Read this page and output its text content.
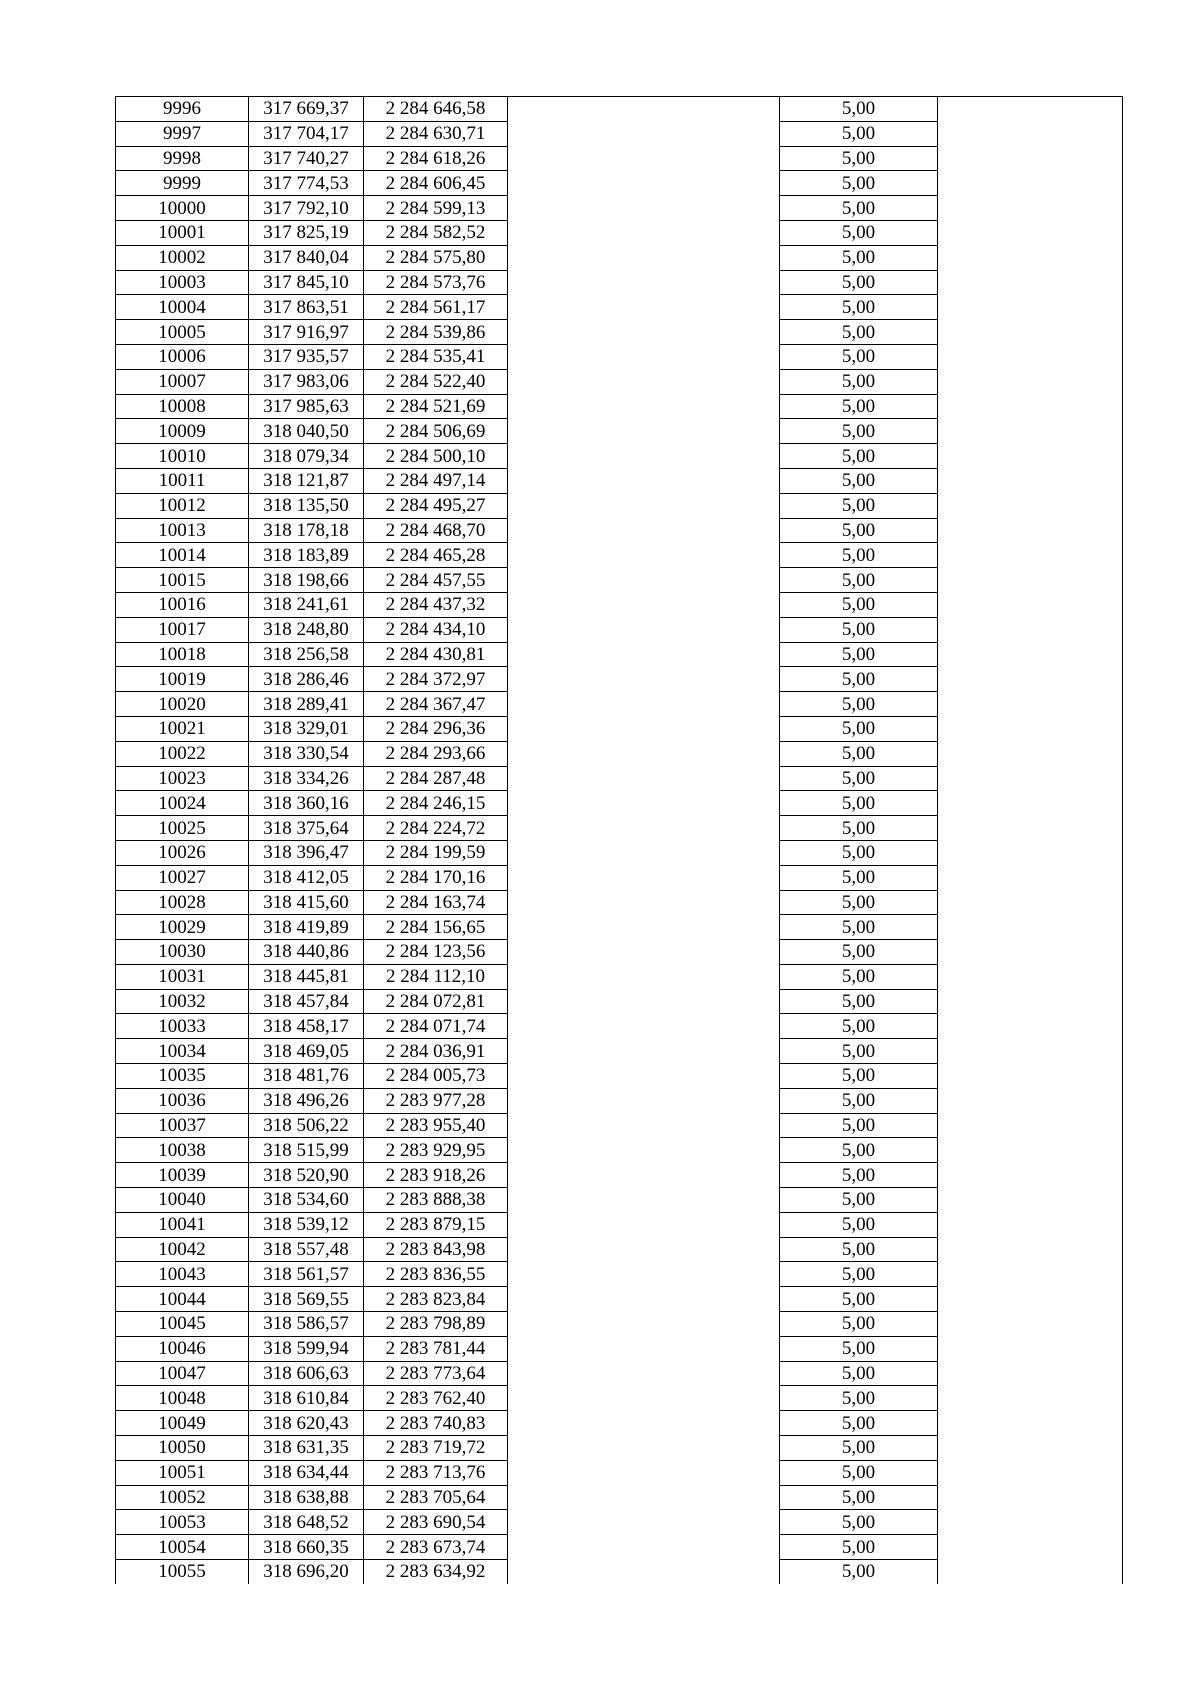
9996	317 669,37	2 284 646,58		5,00	
9997	317 704,17	2 284 630,71		5,00	
9998	317 740,27	2 284 618,26		5,00	
9999	317 774,53	2 284 606,45		5,00	
10000	317 792,10	2 284 599,13		5,00	
10001	317 825,19	2 284 582,52		5,00	
10002	317 840,04	2 284 575,80		5,00	
10003	317 845,10	2 284 573,76		5,00	
10004	317 863,51	2 284 561,17		5,00	
10005	317 916,97	2 284 539,86		5,00	
10006	317 935,57	2 284 535,41		5,00	
10007	317 983,06	2 284 522,40		5,00	
10008	317 985,63	2 284 521,69		5,00	
10009	318 040,50	2 284 506,69		5,00	
10010	318 079,34	2 284 500,10		5,00	
10011	318 121,87	2 284 497,14		5,00	
10012	318 135,50	2 284 495,27		5,00	
10013	318 178,18	2 284 468,70		5,00	
10014	318 183,89	2 284 465,28		5,00	
10015	318 198,66	2 284 457,55		5,00	
10016	318 241,61	2 284 437,32		5,00	
10017	318 248,80	2 284 434,10		5,00	
10018	318 256,58	2 284 430,81		5,00	
10019	318 286,46	2 284 372,97		5,00	
10020	318 289,41	2 284 367,47		5,00	
10021	318 329,01	2 284 296,36		5,00	
10022	318 330,54	2 284 293,66		5,00	
10023	318 334,26	2 284 287,48		5,00	
10024	318 360,16	2 284 246,15		5,00	
10025	318 375,64	2 284 224,72		5,00	
10026	318 396,47	2 284 199,59		5,00	
10027	318 412,05	2 284 170,16		5,00	
10028	318 415,60	2 284 163,74		5,00	
10029	318 419,89	2 284 156,65		5,00	
10030	318 440,86	2 284 123,56		5,00	
10031	318 445,81	2 284 112,10		5,00	
10032	318 457,84	2 284 072,81		5,00	
10033	318 458,17	2 284 071,74		5,00	
10034	318 469,05	2 284 036,91		5,00	
10035	318 481,76	2 284 005,73		5,00	
10036	318 496,26	2 283 977,28		5,00	
10037	318 506,22	2 283 955,40		5,00	
10038	318 515,99	2 283 929,95		5,00	
10039	318 520,90	2 283 918,26		5,00	
10040	318 534,60	2 283 888,38		5,00	
10041	318 539,12	2 283 879,15		5,00	
10042	318 557,48	2 283 843,98		5,00	
10043	318 561,57	2 283 836,55		5,00	
10044	318 569,55	2 283 823,84		5,00	
10045	318 586,57	2 283 798,89		5,00	
10046	318 599,94	2 283 781,44		5,00	
10047	318 606,63	2 283 773,64		5,00	
10048	318 610,84	2 283 762,40		5,00	
10049	318 620,43	2 283 740,83		5,00	
10050	318 631,35	2 283 719,72		5,00	
10051	318 634,44	2 283 713,76		5,00	
10052	318 638,88	2 283 705,64		5,00	
10053	318 648,52	2 283 690,54		5,00	
10054	318 660,35	2 283 673,74		5,00	
10055	318 696,20	2 283 634,92		5,00	
